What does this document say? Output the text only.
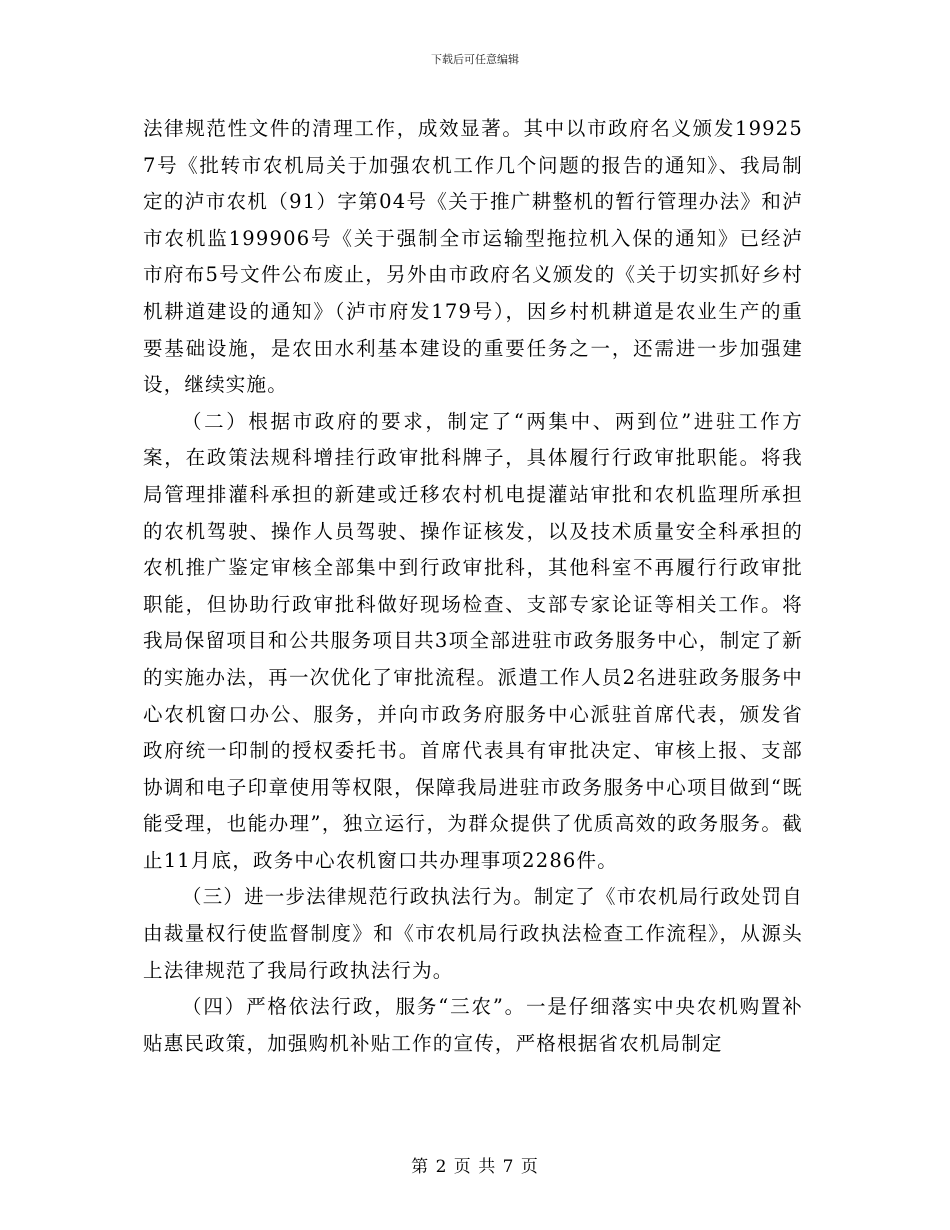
下载后可任意编辑

法律规范性文件的清理工作，成效显著。其中以市政府名义颁发199257号《批转市农机局关于加强农机工作几个问题的报告的通知》、我局制定的泸市农机（91）字第04号《关于推广耕整机的暂行管理办法》和泸市农机监199906号《关于强制全市运输型拖拉机入保的通知》已经泸市府布5号文件公布废止，另外由市政府名义颁发的《关于切实抓好乡村机耕道建设的通知》（泸市府发179号），因乡村机耕道是农业生产的重要基础设施，是农田水利基本建设的重要任务之一，还需进一步加强建设，继续实施。

（二）根据市政府的要求，制定了“两集中、两到位”进驻工作方案，在政策法规科增挂行政审批科牌子，具体履行行政审批职能。将我局管理排灌科承担的新建或迁移农村机电提灌站审批和农机监理所承担的农机驾驶、操作人员驾驶、操作证核发，以及技术质量安全科承担的农机推广鉴定审核全部集中到行政审批科，其他科室不再履行行政审批职能，但协助行政审批科做好现场检查、支部专家论证等相关工作。将我局保留项目和公共服务项目共3项全部进驻市政务服务中心，制定了新的实施办法，再一次优化了审批流程。派遣工作人员2名进驻政务服务中心农机窗口办公、服务，并向市政务府服务中心派驻首席代表，颁发省政府统一印制的授权委托书。首席代表具有审批决定、审核上报、支部协调和电子印章使用等权限，保障我局进驻市政务服务中心项目做到“既能受理，也能办理”，独立运行，为群众提供了优质高效的政务服务。截止11月底，政务中心农机窗口共办理事项2286件。

（三）进一步法律规范行政执法行为。制定了《市农机局行政处罚自由裁量权行使监督制度》和《市农机局行政执法检查工作流程》，从源头上法律规范了我局行政执法行为。

（四）严格依法行政，服务“三农”。一是仔细落实中央农机购置补贴惠民政策，加强购机补贴工作的宣传，严格根据省农机局制定

第 2 页 共 7 页
